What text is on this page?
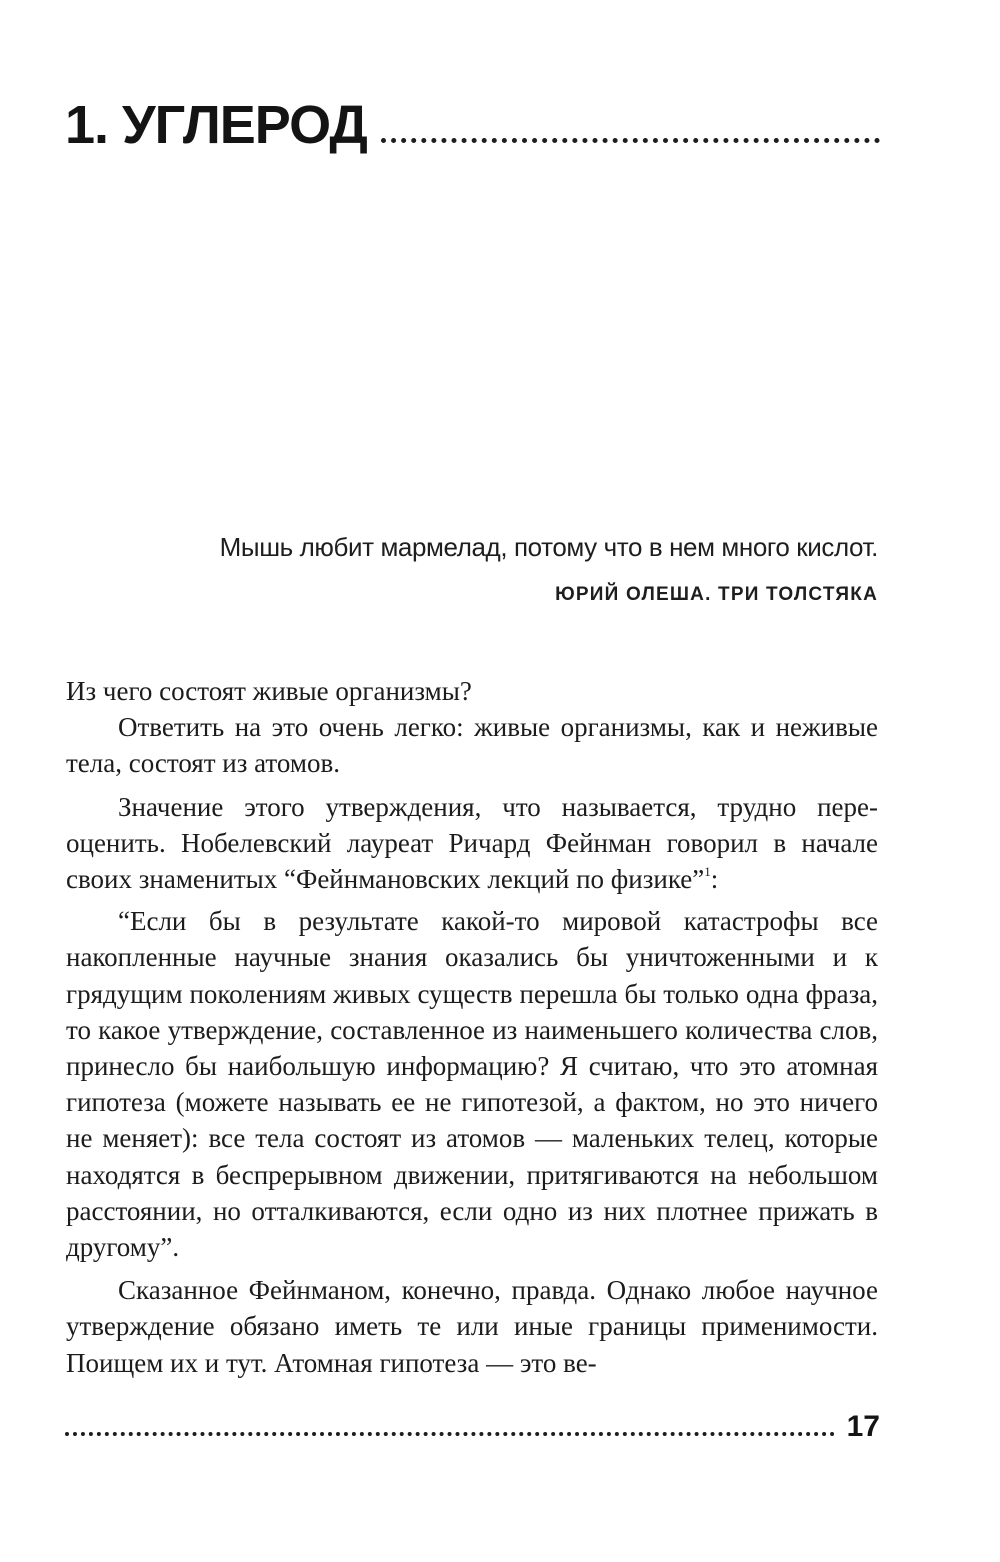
1. УГЛЕРОД
Мышь любит мармелад, потому что в нем много кислот.
ЮРИЙ ОЛЕША. ТРИ ТОЛСТЯКА

Из чего состоят живые организмы?

Ответить на это очень легко: живые организмы, как и неживые тела, состоят из атомов.

Значение этого утверждения, что называется, трудно переоценить. Нобелевский лауреат Ричард Фейнман говорил в начале своих знаменитых “Фейнмановских лекций по физике”$^1$:

“Если бы в результате какой-то мировой катастрофы все накопленные научные знания оказались бы уничтоженными и к грядущим поколениям живых существ перешла бы только одна фраза, то какое утверждение, составленное из наименьшего количества слов, принесло бы наибольшую информацию? Я считаю, что это атомная гипотеза (можете называть ее не гипотезой, а фактом, но это ничего не меняет): все тела состоят из атомов — маленьких телец, которые находятся в беспрерывном движении, притягиваются на небольшом расстоянии, но отталкиваются, если одно из них плотнее прижать в другому”.

Сказанное Фейнманом, конечно, правда. Однако любое научное утверждение обязано иметь те или иные границы применимости. Поищем их и тут. Атомная гипотеза — это ве-

17
